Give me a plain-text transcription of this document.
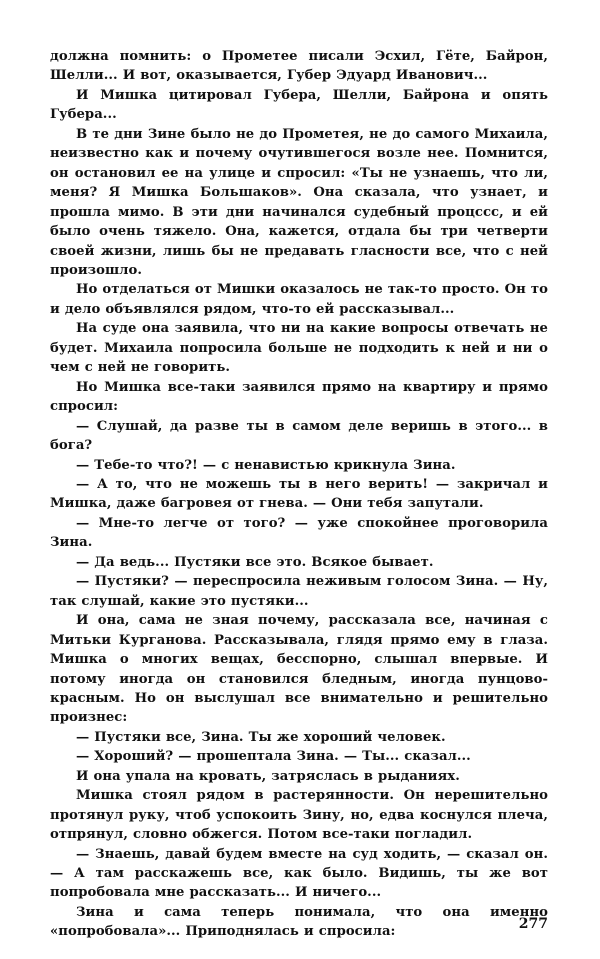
должна помнить: о Прометее писали Эсхил, Гёте, Байрон, Шелли... И вот, оказывается, Губер Эдуард Иванович...

И Мишка цитировал Губера, Шелли, Байрона и опять Губера...

В те дни Зине было не до Прометея, не до самого Михаила, неизвестно как и почему очутившегося возле нее. Помнится, он остановил ее на улице и спросил: «Ты не узнаешь, что ли, меня? Я Мишка Большаков». Она сказала, что узнает, и прошла мимо. В эти дни начинался судебный процссс, и ей было очень тяжело. Она, кажется, отдала бы три четверти своей жизни, лишь бы не предавать гласности все, что с ней произошло.

Но отделаться от Мишки оказалось не так-то просто. Он то и дело объявлялся рядом, что-то ей рассказывал...

На суде она заявила, что ни на какие вопросы отвечать не будет. Михаила попросила больше не подходить к ней и ни о чем с ней не говорить.

Но Мишка все-таки заявился прямо на квартиру и прямо спросил:

— Слушай, да разве ты в самом деле веришь в этого... в бога?

— Тебе-то что?! — с ненавистью крикнула Зина.

— А то, что не можешь ты в него верить! — закричал и Мишка, даже багровея от гнева. — Они тебя запутали.

— Мне-то легче от того? — уже спокойнее проговорила Зина.

— Да ведь... Пустяки все это. Всякое бывает.

— Пустяки? — переспросила неживым голосом Зина. — Ну, так слушай, какие это пустяки...

И она, сама не зная почему, рассказала все, начиная с Митьки Курганова. Рассказывала, глядя прямо ему в глаза. Мишка о многих вещах, бесспорно, слышал впервые. И потому иногда он становился бледным, иногда пунцово-красным. Но он выслушал все внимательно и решительно произнес:

— Пустяки все, Зина. Ты же хороший человек.

— Хороший? — прошептала Зина. — Ты... сказал...

И она упала на кровать, затряслась в рыданиях.

Мишка стоял рядом в растерянности. Он нерешительно протянул руку, чтоб успокоить Зину, но, едва коснулся плеча, отпрянул, словно обжегся. Потом все-таки погладил.

— Знаешь, давай будем вместе на суд ходить, — сказал он. — А там расскажешь все, как было. Видишь, ты же вот попробовала мне рассказать... И ничего...

Зина и сама теперь понимала, что она именно «попробовала»... Приподнялась и спросила:	277
